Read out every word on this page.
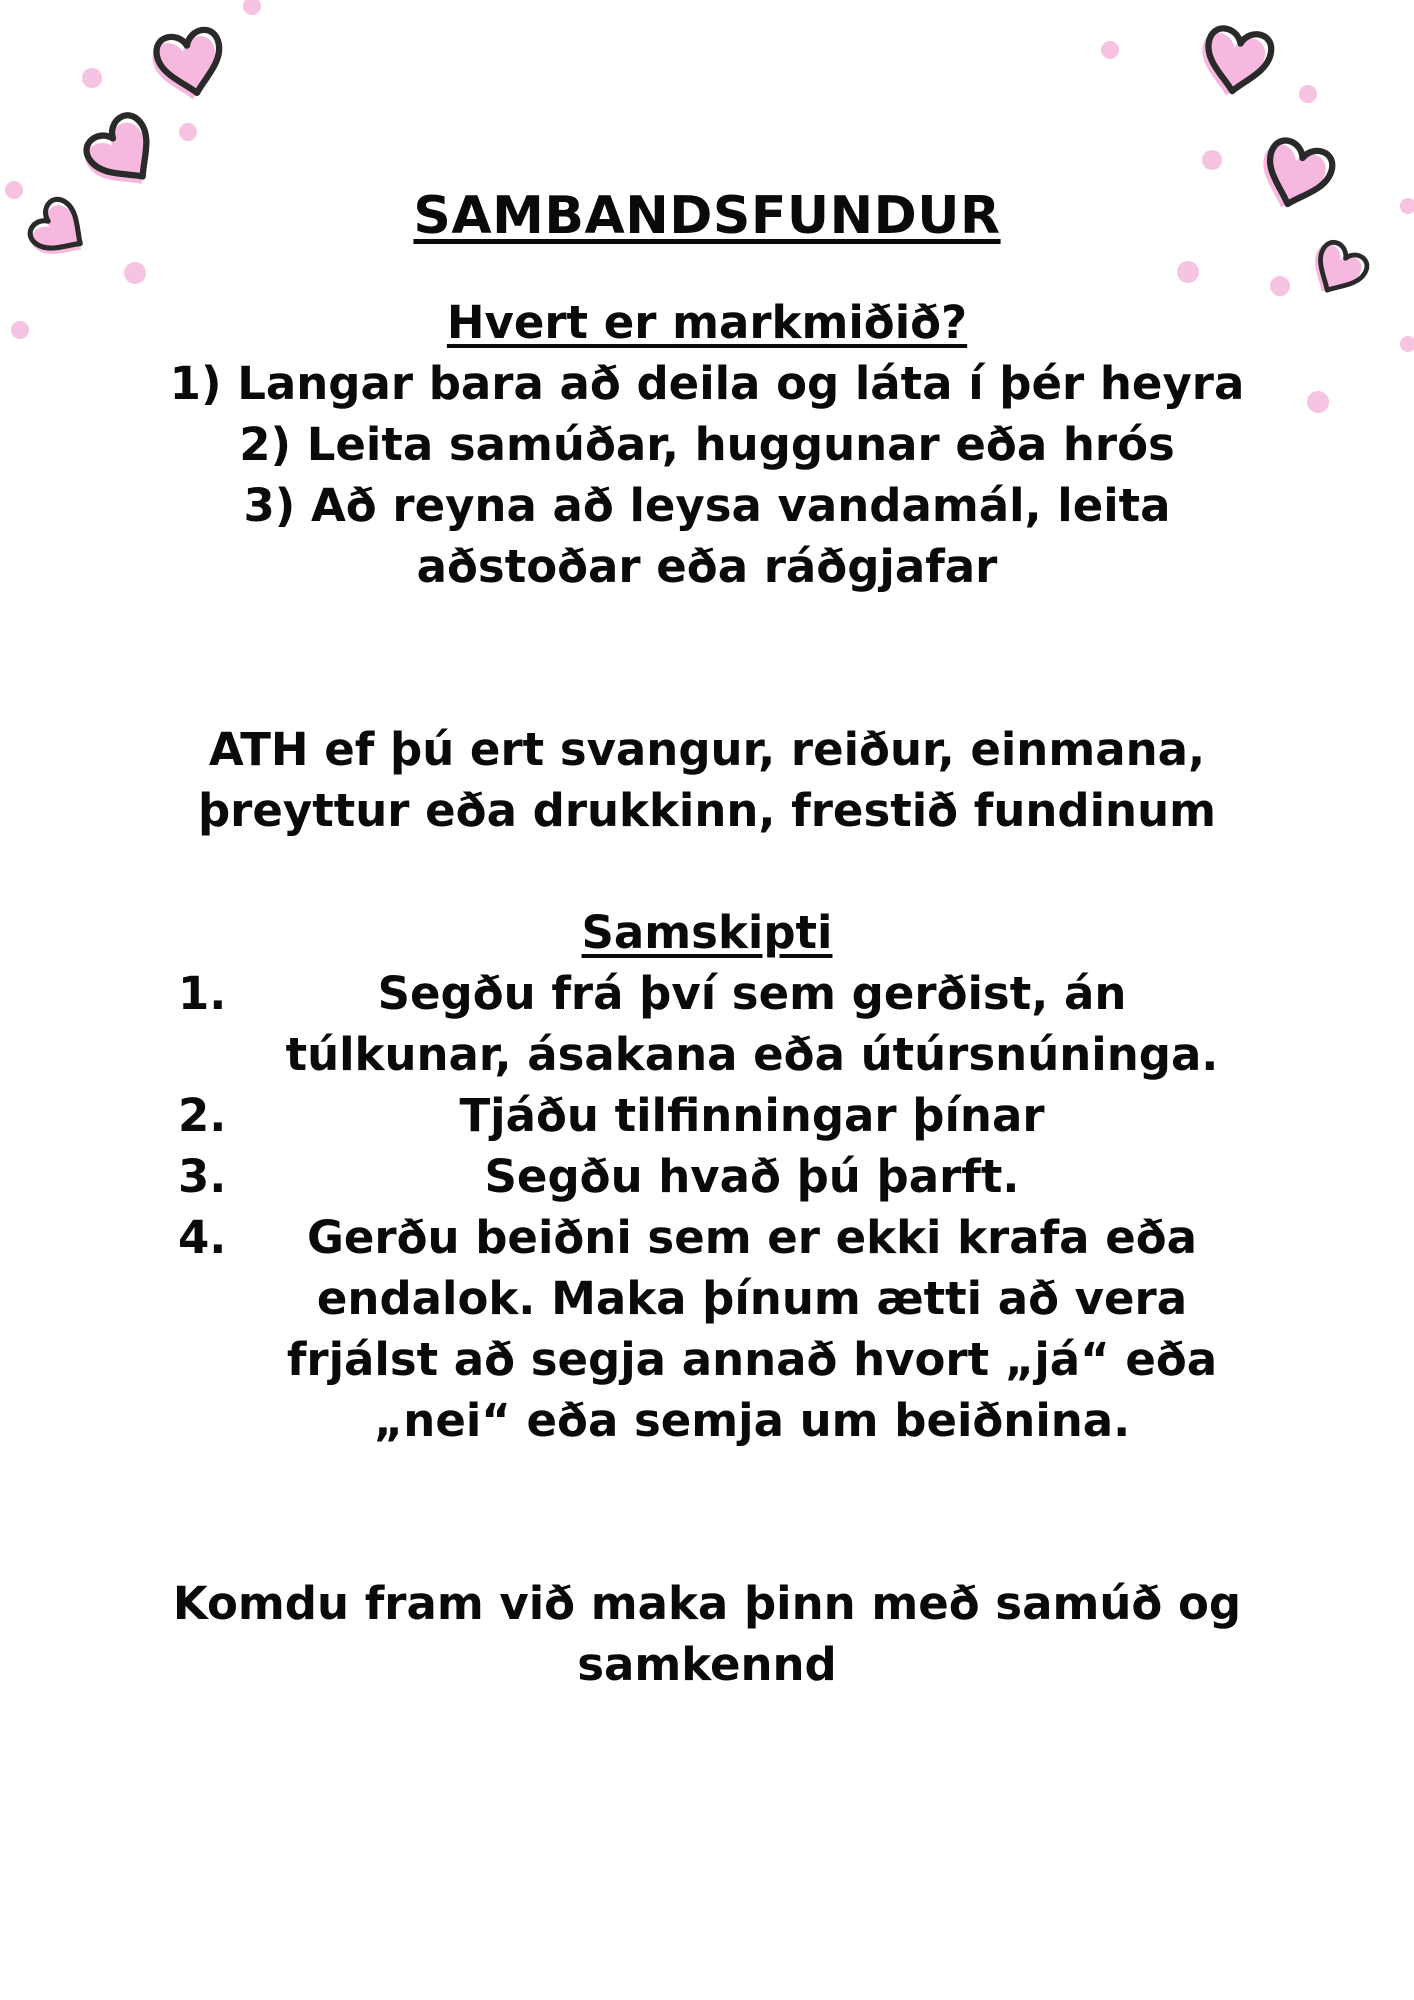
SAMBANDSFUNDUR
Hvert er markmiðið?
1) Langar bara að deila og láta í þér heyra
2) Leita samúðar, huggunar eða hrós
3) Að reyna að leysa vandamál, leita
aðstoðar eða ráðgjafar
ATH ef þú ert svangur, reiður, einmana,
þreyttur eða drukkinn, frestið fundinum
Samskipti
1.	Segðu frá því sem gerðist, án túlkunar, ásakana eða útúrsnúninga.
2.	Tjáðu tilfinningar þínar
3.	Segðu hvað þú þarft.
4.	Gerðu beiðni sem er ekki krafa eða endalok. Maka þínum ætti að vera frjálst að segja annað hvort „já“ eða „nei“ eða semja um beiðnina.
Komdu fram við maka þinn með samúð og
samkennd
